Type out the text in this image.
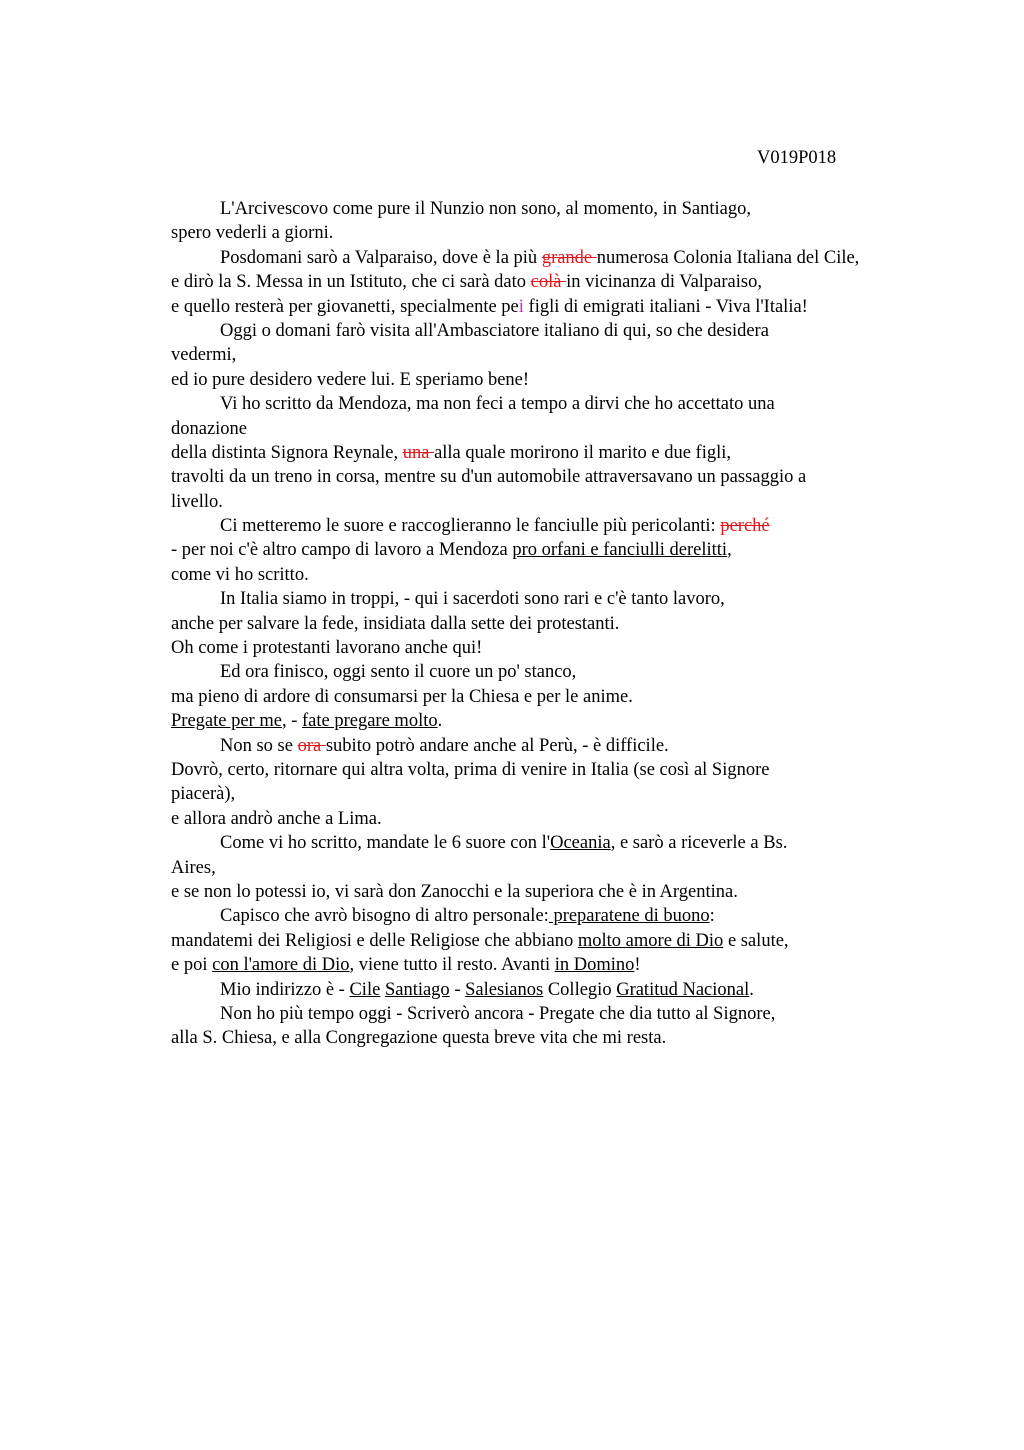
V019P018
L'Arcivescovo come pure il Nunzio non sono, al momento, in Santiago,
spero vederli a giorni.
Posdomani sarò a Valparaiso, dove è la più grande numerosa Colonia Italiana del Cile,
e dirò la S. Messa in un Istituto, che ci sarà dato colà in vicinanza di Valparaiso,
e quello resterà per giovanetti, specialmente pei figli di emigrati italiani - Viva l'Italia!
Oggi o domani farò visita all'Ambasciatore italiano di qui, so che desidera
vedermi,
ed io pure desidero vedere lui. E speriamo bene!
Vi ho scritto da Mendoza, ma non feci a tempo a dirvi che ho accettato una
donazione
della distinta Signora Reynale, una alla quale morirono il marito e due figli,
travolti da un treno in corsa, mentre su d'un automobile attraversavano un passaggio a
livello.
Ci metteremo le suore e raccoglieranno le fanciulle più pericolanti: perché
- per noi c'è altro campo di lavoro a Mendoza pro orfani e fanciulli derelitti,
come vi ho scritto.
In Italia siamo in troppi, - qui i sacerdoti sono rari e c'è tanto lavoro,
anche per salvare la fede, insidiata dalla sette dei protestanti.
Oh come i protestanti lavorano anche qui!
Ed ora finisco, oggi sento il cuore un po' stanco,
ma pieno di ardore di consumarsi per la Chiesa e per le anime.
Pregate per me, - fate pregare molto.
Non so se ora subito potrò andare anche al Perù, - è difficile.
Dovrò, certo, ritornare qui altra volta, prima di venire in Italia (se così al Signore
piacerà),
e allora andrò anche a Lima.
Come vi ho scritto, mandate le 6 suore con l'Oceania, e sarò a riceverle a Bs.
Aires,
e se non lo potessi io, vi sarà don Zanocchi e la superiora che è in Argentina.
Capisco che avrò bisogno di altro personale: preparatene di buono:
mandatemi dei Religiosi e delle Religiose che abbiano molto amore di Dio e salute,
e poi con l'amore di Dio, viene tutto il resto. Avanti in Domino!
Mio indirizzo è - Cile Santiago - Salesianos Collegio Gratitud Nacional.
Non ho più tempo oggi - Scriverò ancora - Pregate che dia tutto al Signore,
alla S. Chiesa, e alla Congregazione questa breve vita che mi resta.
